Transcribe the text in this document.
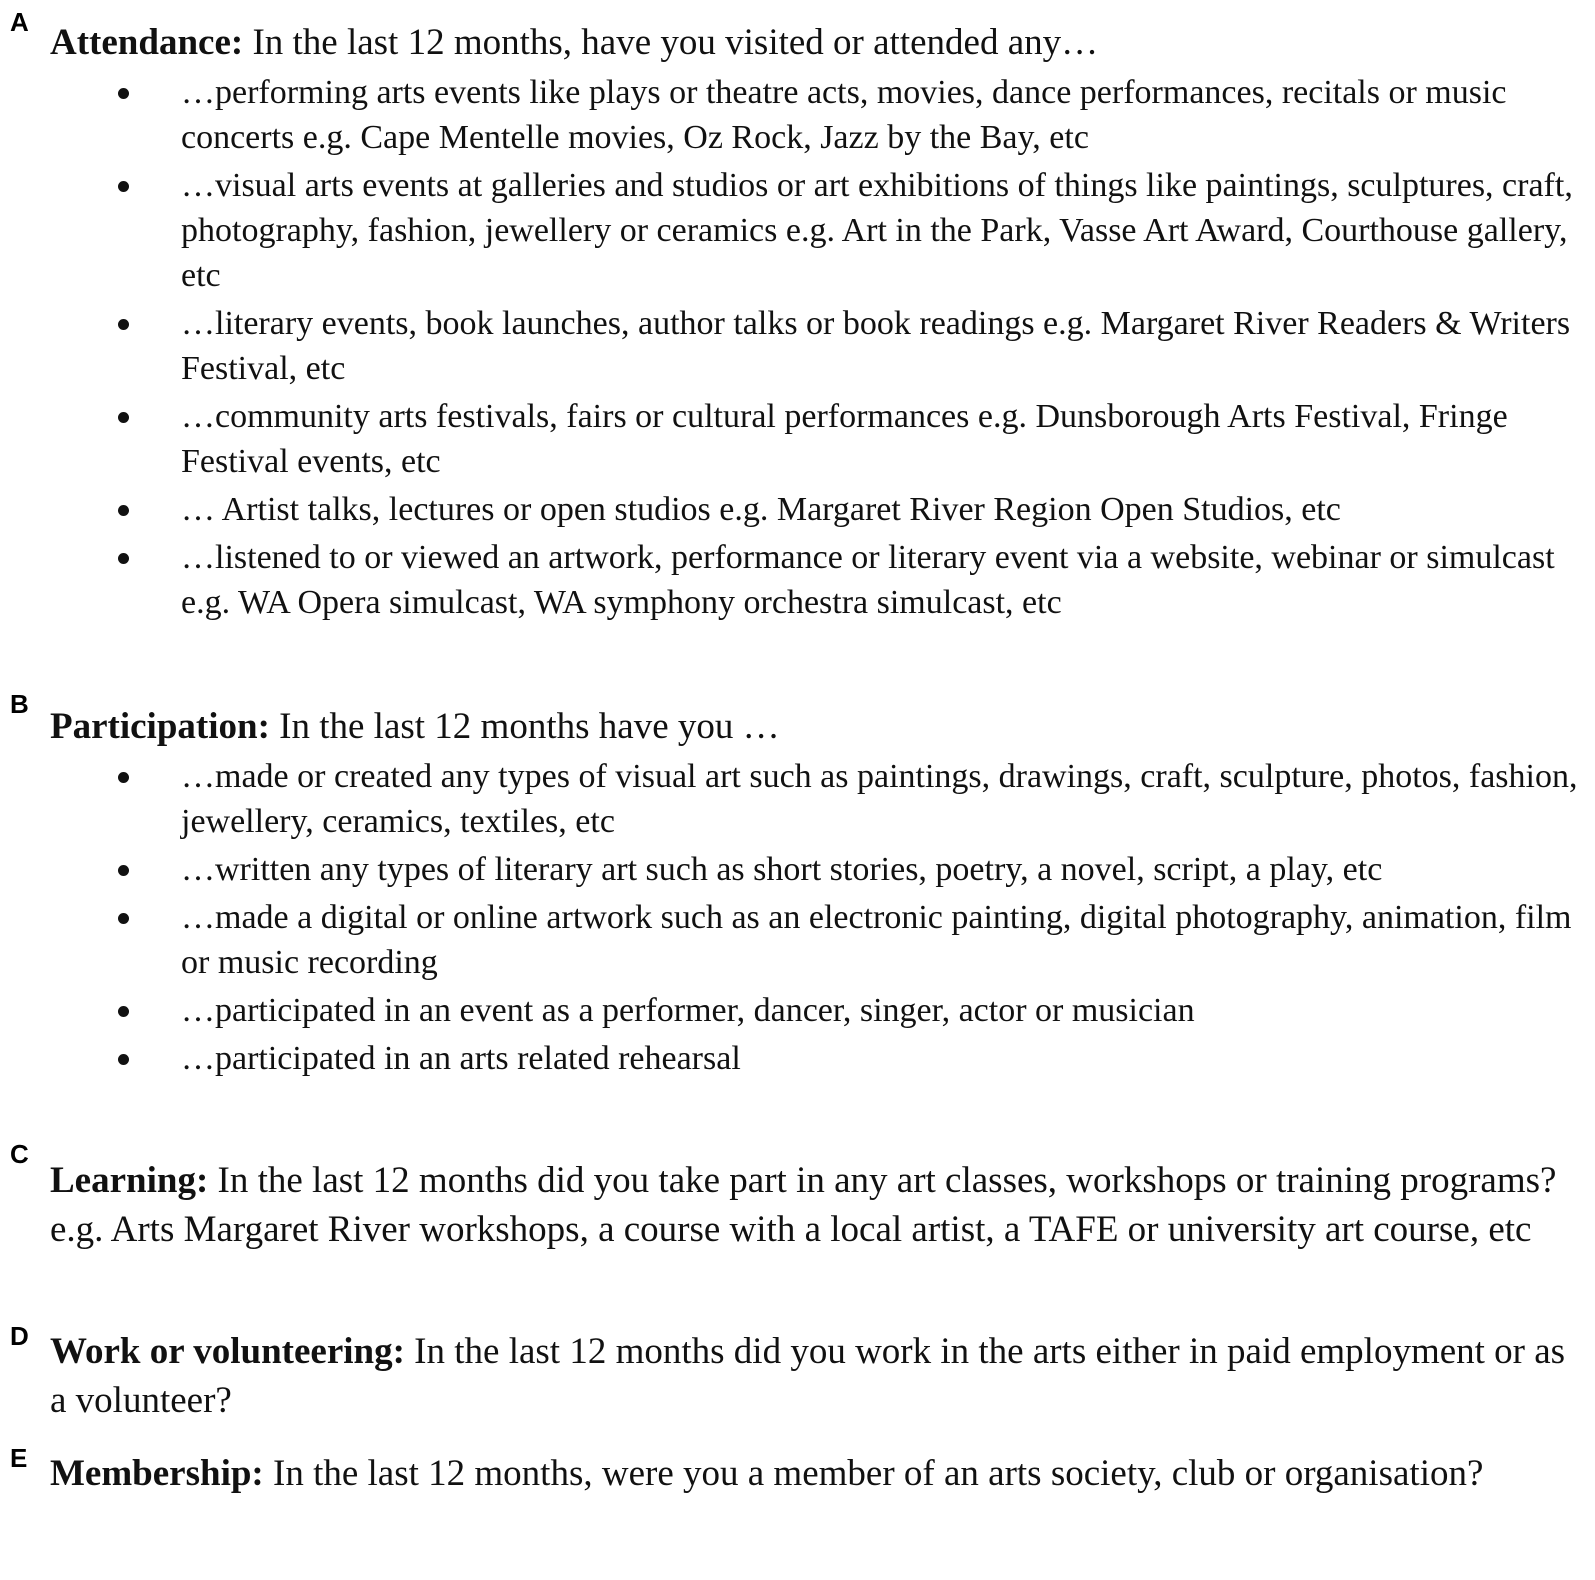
A Attendance: In the last 12 months, have you visited or attended any…

…performing arts events like plays or theatre acts, movies, dance performances, recitals or music concerts e.g. Cape Mentelle movies, Oz Rock, Jazz by the Bay, etc
…visual arts events at galleries and studios or art exhibitions of things like paintings, sculptures, craft, photography, fashion, jewellery or ceramics e.g. Art in the Park, Vasse Art Award, Courthouse gallery, etc
…literary events, book launches, author talks or book readings e.g. Margaret River Readers & Writers Festival, etc
…community arts festivals, fairs or cultural performances e.g. Dunsborough Arts Festival, Fringe Festival events, etc
… Artist talks, lectures or open studios e.g. Margaret River Region Open Studios, etc
…listened to or viewed an artwork, performance or literary event via a website, webinar or simulcast e.g. WA Opera simulcast, WA symphony orchestra simulcast, etc
B

Participation: In the last 12 months have you …

…made or created any types of visual art such as paintings, drawings, craft, sculpture, photos, fashion, jewellery, ceramics, textiles, etc
…written any types of literary art such as short stories, poetry, a novel, script, a play, etc
…made a digital or online artwork such as an electronic painting, digital photography, animation, film or music recording
…participated in an event as a performer, dancer, singer, actor or musician
…participated in an arts related rehearsal
C

Learning: In the last 12 months did you take part in any art classes, workshops or training programs? e.g. Arts Margaret River workshops, a course with a local artist, a TAFE or university art course, etc

D Work or volunteering: In the last 12 months did you work in the arts either in paid employment or as a volunteer?

E Membership: In the last 12 months, were you a member of an arts society, club or organisation?
